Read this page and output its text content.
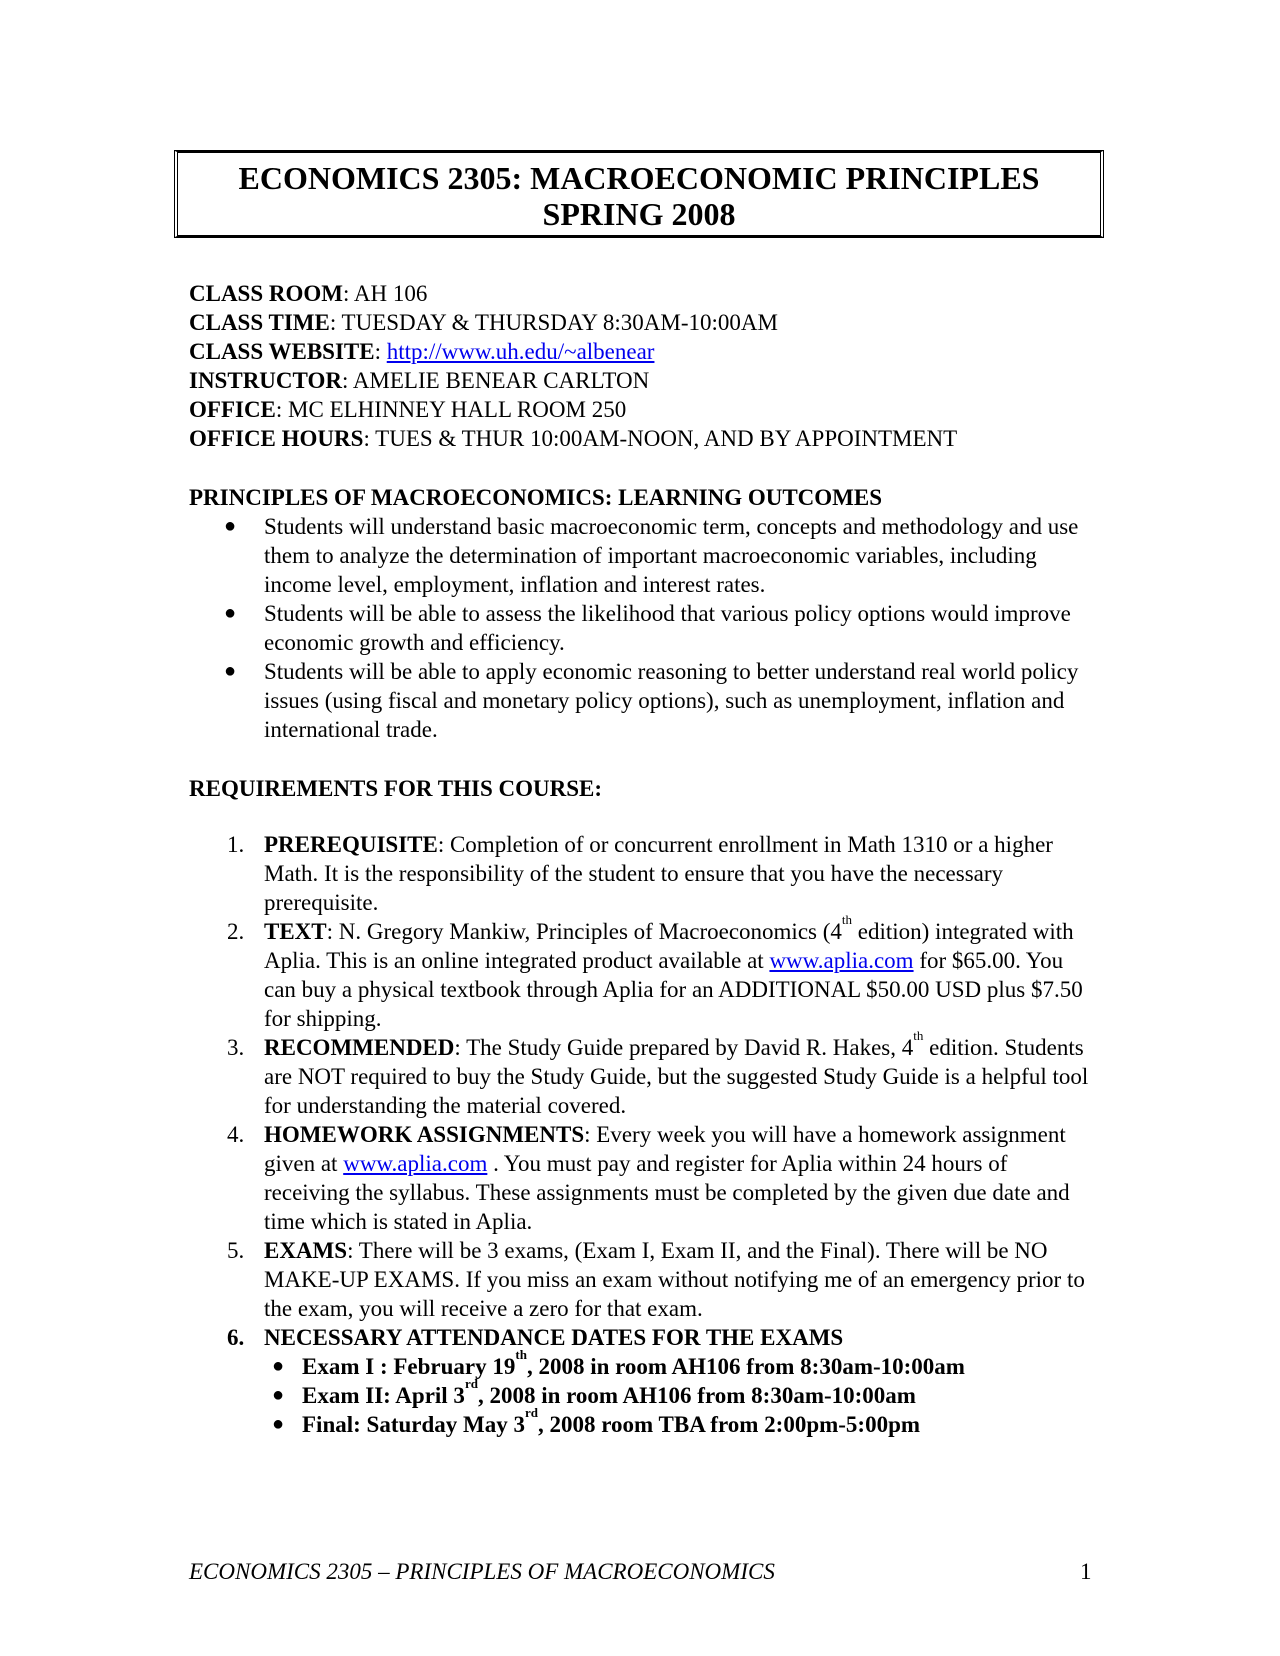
ECONOMICS 2305: MACROECONOMIC PRINCIPLES
SPRING 2008
CLASS ROOM: AH 106
CLASS TIME: TUESDAY & THURSDAY 8:30AM-10:00AM
CLASS WEBSITE: http://www.uh.edu/~albenear
INSTRUCTOR: AMELIE BENEAR CARLTON
OFFICE: MC ELHINNEY HALL ROOM 250
OFFICE HOURS: TUES & THUR 10:00AM-NOON, AND BY APPOINTMENT
PRINCIPLES OF MACROECONOMICS: LEARNING OUTCOMES
● Students will understand basic macroeconomic term, concepts and methodology and use them to analyze the determination of important macroeconomic variables, including income level, employment, inflation and interest rates.
● Students will be able to assess the likelihood that various policy options would improve economic growth and efficiency.
● Students will be able to apply economic reasoning to better understand real world policy issues (using fiscal and monetary policy options), such as unemployment, inflation and international trade.
REQUIREMENTS FOR THIS COURSE:
1. PREREQUISITE: Completion of or concurrent enrollment in Math 1310 or a higher Math. It is the responsibility of the student to ensure that you have the necessary prerequisite.
2. TEXT: N. Gregory Mankiw, Principles of Macroeconomics (4th edition) integrated with Aplia. This is an online integrated product available at www.aplia.com for $65.00. You can buy a physical textbook through Aplia for an ADDITIONAL $50.00 USD plus $7.50 for shipping.
3. RECOMMENDED: The Study Guide prepared by David R. Hakes, 4th edition. Students are NOT required to buy the Study Guide, but the suggested Study Guide is a helpful tool for understanding the material covered.
4. HOMEWORK ASSIGNMENTS: Every week you will have a homework assignment given at www.aplia.com . You must pay and register for Aplia within 24 hours of receiving the syllabus. These assignments must be completed by the given due date and time which is stated in Aplia.
5. EXAMS: There will be 3 exams, (Exam I, Exam II, and the Final). There will be NO MAKE-UP EXAMS. If you miss an exam without notifying me of an emergency prior to the exam, you will receive a zero for that exam.
6. NECESSARY ATTENDANCE DATES FOR THE EXAMS
● Exam I : February 19th, 2008 in room AH106 from 8:30am-10:00am
● Exam II: April 3rd, 2008 in room AH106 from 8:30am-10:00am
● Final: Saturday May 3rd, 2008 room TBA from 2:00pm-5:00pm
ECONOMICS 2305 – PRINCIPLES OF MACROECONOMICS	1
